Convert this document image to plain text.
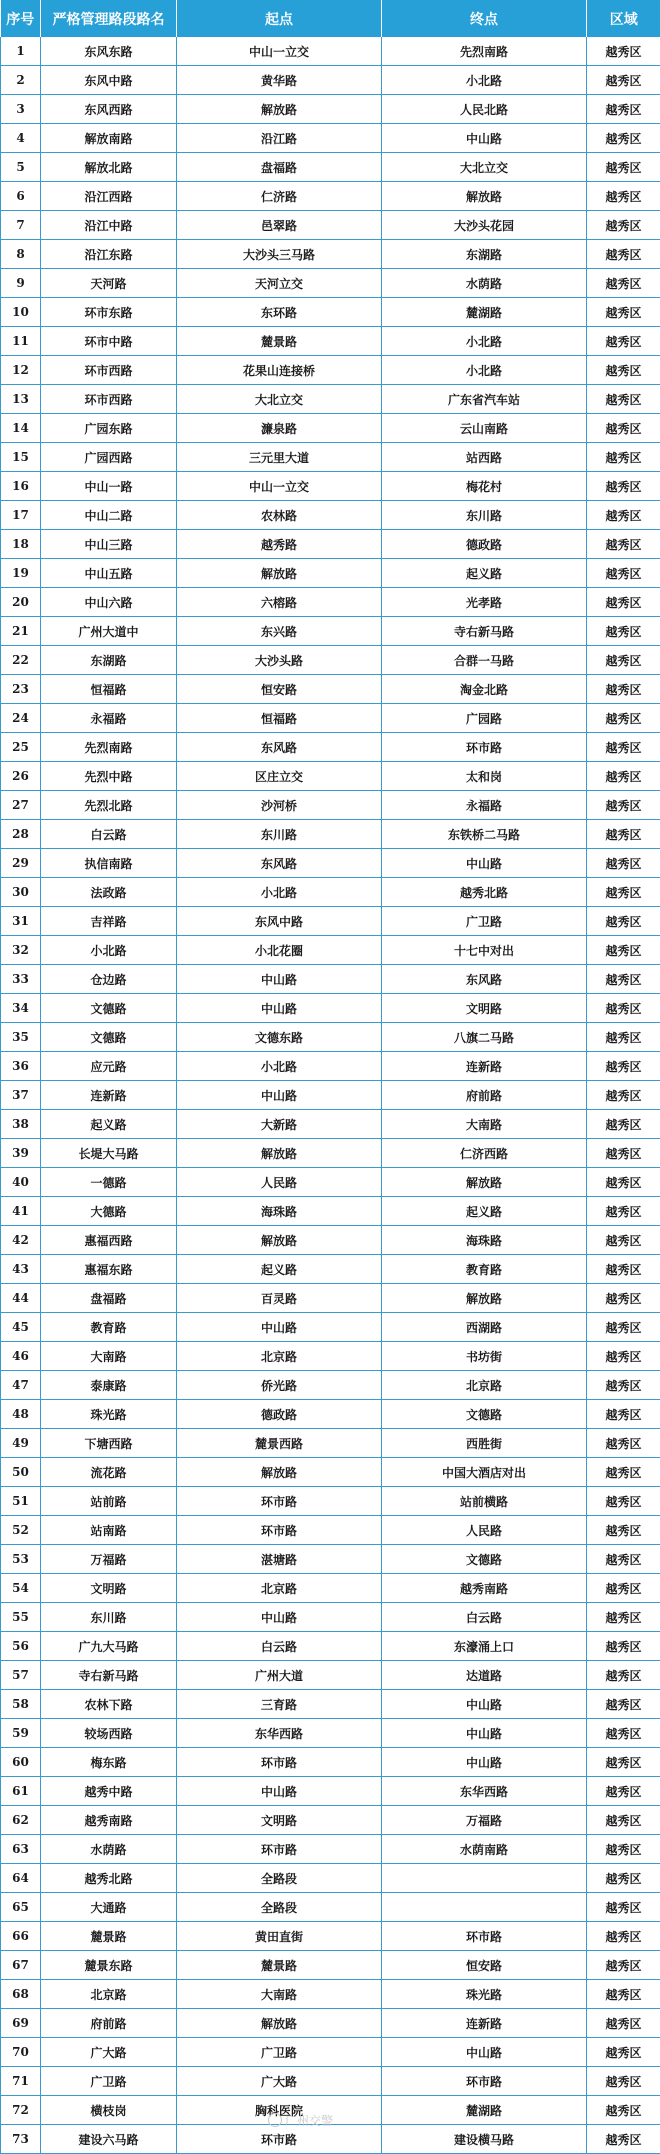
序号	严格管理路段路名	起点	终点	区域
1	东风东路	中山一立交	先烈南路	越秀区
2	东风中路	黄华路	小北路	越秀区
3	东风西路	解放路	人民北路	越秀区
4	解放南路	沿江路	中山路	越秀区
5	解放北路	盘福路	大北立交	越秀区
6	沿江西路	仁济路	解放路	越秀区
7	沿江中路	邑翠路	大沙头花园	越秀区
8	沿江东路	大沙头三马路	东湖路	越秀区
9	天河路	天河立交	水荫路	越秀区
10	环市东路	东环路	麓湖路	越秀区
11	环市中路	麓景路	小北路	越秀区
12	环市西路	花果山连接桥	小北路	越秀区
13	环市西路	大北立交	广东省汽车站	越秀区
14	广园东路	濂泉路	云山南路	越秀区
15	广园西路	三元里大道	站西路	越秀区
16	中山一路	中山一立交	梅花村	越秀区
17	中山二路	农林路	东川路	越秀区
18	中山三路	越秀路	德政路	越秀区
19	中山五路	解放路	起义路	越秀区
20	中山六路	六榕路	光孝路	越秀区
21	广州大道中	东兴路	寺右新马路	越秀区
22	东湖路	大沙头路	合群一马路	越秀区
23	恒福路	恒安路	淘金北路	越秀区
24	永福路	恒福路	广园路	越秀区
25	先烈南路	东风路	环市路	越秀区
26	先烈中路	区庄立交	太和岗	越秀区
27	先烈北路	沙河桥	永福路	越秀区
28	白云路	东川路	东铁桥二马路	越秀区
29	执信南路	东风路	中山路	越秀区
30	法政路	小北路	越秀北路	越秀区
31	吉祥路	东风中路	广卫路	越秀区
32	小北路	小北花圈	十七中对出	越秀区
33	仓边路	中山路	东风路	越秀区
34	文德路	中山路	文明路	越秀区
35	文德路	文德东路	八旗二马路	越秀区
36	应元路	小北路	连新路	越秀区
37	连新路	中山路	府前路	越秀区
38	起义路	大新路	大南路	越秀区
39	长堤大马路	解放路	仁济西路	越秀区
40	一德路	人民路	解放路	越秀区
41	大德路	海珠路	起义路	越秀区
42	惠福西路	解放路	海珠路	越秀区
43	惠福东路	起义路	教育路	越秀区
44	盘福路	百灵路	解放路	越秀区
45	教育路	中山路	西湖路	越秀区
46	大南路	北京路	书坊街	越秀区
47	泰康路	侨光路	北京路	越秀区
48	珠光路	德政路	文德路	越秀区
49	下塘西路	麓景西路	西胜街	越秀区
50	流花路	解放路	中国大酒店对出	越秀区
51	站前路	环市路	站前横路	越秀区
52	站南路	环市路	人民路	越秀区
53	万福路	湛塘路	文德路	越秀区
54	文明路	北京路	越秀南路	越秀区
55	东川路	中山路	白云路	越秀区
56	广九大马路	白云路	东濠涌上口	越秀区
57	寺右新马路	广州大道	达道路	越秀区
58	农林下路	三育路	中山路	越秀区
59	较场西路	东华西路	中山路	越秀区
60	梅东路	环市路	中山路	越秀区
61	越秀中路	中山路	东华西路	越秀区
62	越秀南路	文明路	万福路	越秀区
63	水荫路	环市路	水荫南路	越秀区
64	越秀北路	全路段		越秀区
65	大通路	全路段		越秀区
66	麓景路	黄田直街	环市路	越秀区
67	麓景东路	麓景路	恒安路	越秀区
68	北京路	大南路	珠光路	越秀区
69	府前路	解放路	连新路	越秀区
70	广大路	广卫路	中山路	越秀区
71	广卫路	广大路	环市路	越秀区
72	横枝岗	胸科医院	麓湖路	越秀区
73	建设六马路	环市路	建设横马路	越秀区
广州交警
